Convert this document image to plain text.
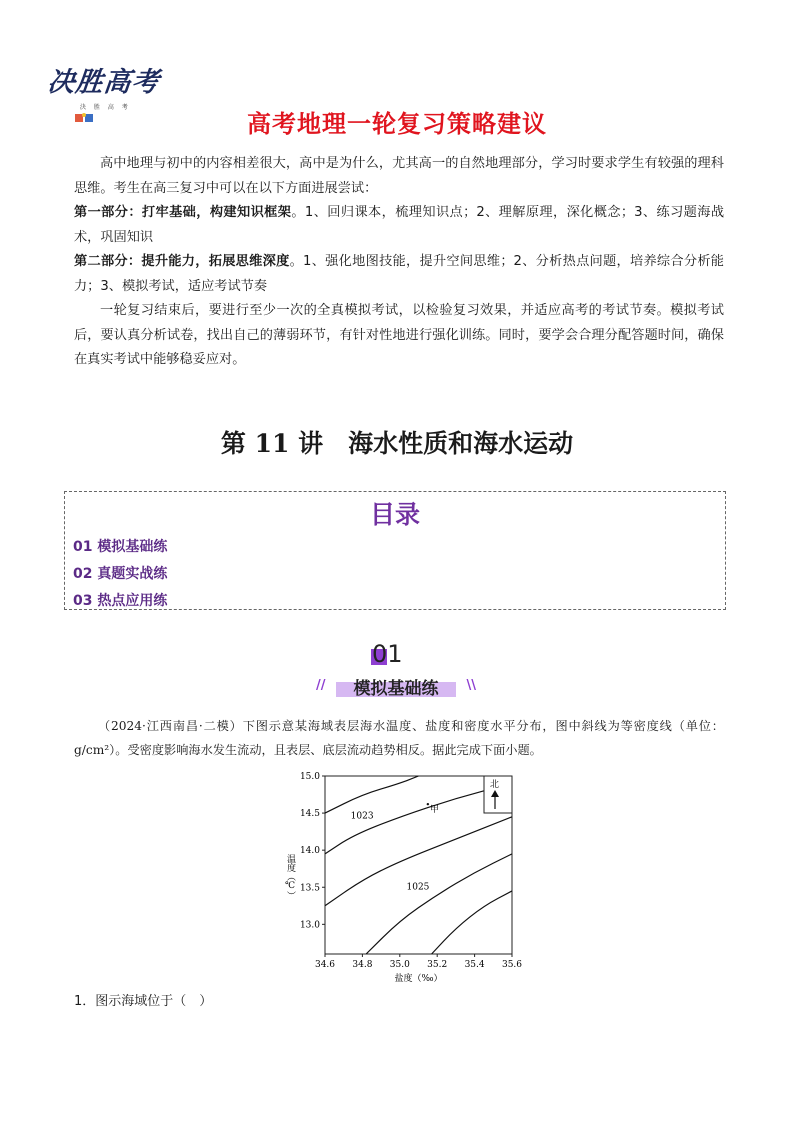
决胜高考
決 胜 高 考
高考地理一轮复习策略建议
高中地理与初中的内容相差很大，高中是为什么，尤其高一的自然地理部分，学习时要求学生有较强的理科思维。考生在高三复习中可以在以下方面进展尝试：
第一部分：打牢基础，构建知识框架。1、回归课本，梳理知识点；2、理解原理，深化概念；3、练习题海战术，巩固知识
第二部分：提升能力，拓展思维深度。1、强化地图技能，提升空间思维；2、分析热点问题，培养综合分析能力；3、模拟考试，适应考试节奏
一轮复习结束后，要进行至少一次的全真模拟考试，以检验复习效果，并适应高考的考试节奏。模拟考试后，要认真分析试卷，找出自己的薄弱环节，有针对性地进行强化训练。同时，要学会合理分配答题时间，确保在真实考试中能够稳妥应对。
第 11 讲　海水性质和海水运动
目录
01 模拟基础练
02 真题实战练
03 热点应用练
01
//	模拟基础练	\\
（2024·江西南昌·二模）下图示意某海域表层海水温度、盐度和密度水平分布，图中斜线为等密度线（单位：g/cm²）。受密度影响海水发生流动，且表层、底层流动趋势相反。据此完成下面小题。
34.6 34.8 35.0 35.2 35.4 35.6
15.0
14.5
14.0
13.5
13.0
盐度（‰）
温度（℃）
1023
1025
甲
北
1．图示海域位于（　）
